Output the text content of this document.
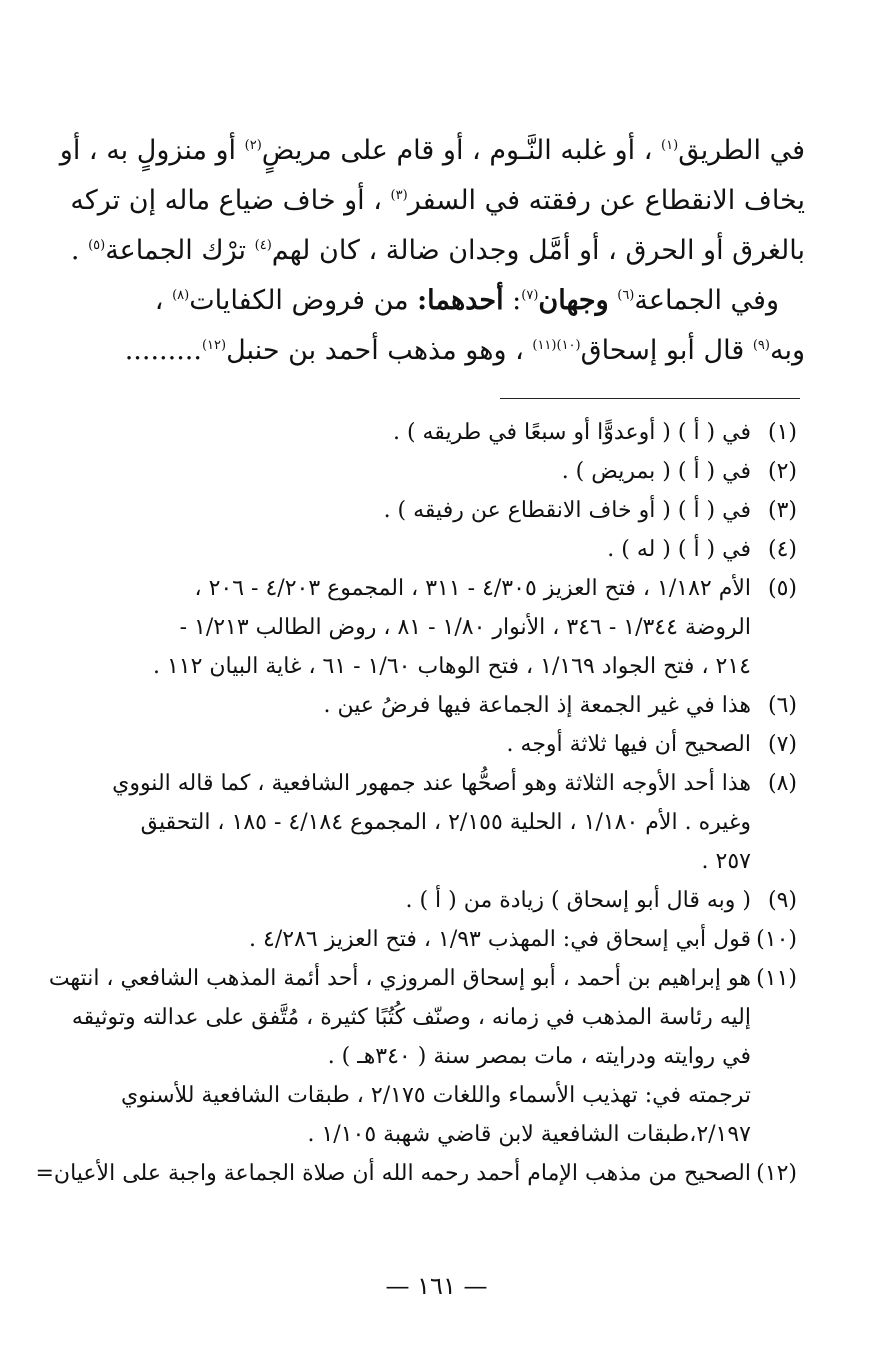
في الطريق$^{(١)}$ ، أو غلبه النَّـوم ، أو قام على مريضٍ$^{(٢)}$ أو منزولٍ به ، أو
يخاف الانقطاع عن رفقته في السفر$^{(٣)}$ ، أو خاف ضياع ماله إن تركه
بالغرق أو الحرق ، أو أمَّل وجدان ضالة ، كان لهم$^{(٤)}$ ترْك الجماعة$^{(٥)}$ .
وفي الجماعة$^{(٦)}$ وجهان$^{(٧)}$: أحدهما: من فروض الكفايات$^{(٨)}$ ،
وبه$^{(٩)}$ قال أبو إسحاق$^{(١٠)(١١)}$ ، وهو مذهب أحمد بن حنبل$^{(١٢)}$.........
(١)
في ( أ ) ( أوعدوًّا أو سبعًا في طريقه ) .
(٢)
في ( أ ) ( بمريض ) .
(٣)
في ( أ ) ( أو خاف الانقطاع عن رفيقه ) .
(٤)
في ( أ ) ( له ) .
(٥)
الأم ١/١٨٢ ، فتح العزيز ٤/٣٠٥ - ٣١١ ، المجموع ٤/٢٠٣ - ٢٠٦ ،
الروضة ١/٣٤٤ - ٣٤٦ ، الأنوار ١/٨٠ - ٨١ ، روض الطالب ١/٢١٣ -
٢١٤ ، فتح الجواد ١/١٦٩ ، فتح الوهاب ١/٦٠ - ٦١ ، غاية البيان ١١٢ .
(٦)
هذا في غير الجمعة إذ الجماعة فيها فرضُ عين .
(٧)
الصحيح أن فيها ثلاثة أوجه .
(٨)
هذا أحد الأوجه الثلاثة وهو أصحُّها عند جمهور الشافعية ، كما قاله النووي
وغيره . الأم ١/١٨٠ ، الحلية ٢/١٥٥ ، المجموع ٤/١٨٤ - ١٨٥ ، التحقيق
٢٥٧ .
(٩)
( وبه قال أبو إسحاق ) زيادة من ( أ ) .
(١٠)
قول أبي إسحاق في: المهذب ١/٩٣ ، فتح العزيز ٤/٢٨٦ .
(١١)
هو إبراهيم بن أحمد ، أبو إسحاق المروزي ، أحد أئمة المذهب الشافعي ، انتهت
إليه رئاسة المذهب في زمانه ، وصنّف كُتُبًا كثيرة ، مُتَّفق على عدالته وتوثيقه
في روايته ودرايته ، مات بمصر سنة ( ٣٤٠هـ ) .
ترجمته في: تهذيب الأسماء واللغات ٢/١٧٥ ، طبقات الشافعية للأسنوي
٢/١٩٧،طبقات الشافعية لابن قاضي شهبة ١/١٠٥ .
(١٢)
الصحيح من مذهب الإمام أحمد رحمه الله أن صلاة الجماعة واجبة على الأعيان=
— ١٦١ —
